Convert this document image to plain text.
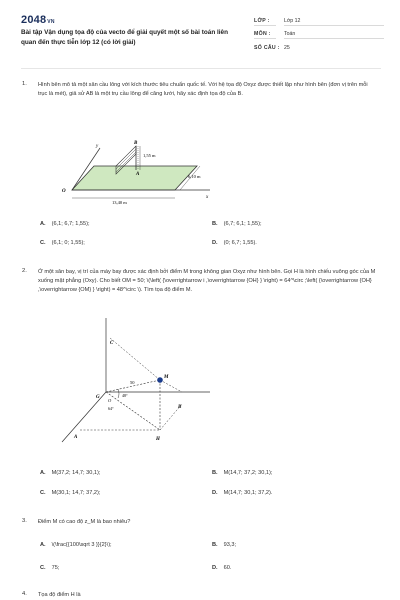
2048VN
Bài tập Vận dụng tọa độ của vecto để giải quyết một số bài toán liên quan đến thực tiễn lớp 12 (có lời giải)
LỚP :	Lớp 12
MÔN :	Toán
SỐ CÂU : 25
1. Hình bên mô tả một sân cầu lông với kích thước tiêu chuẩn quốc tế. Với hệ tọa độ Oxyz được thiết lập như hình bên (đơn vị trên mỗi trục là mét), giả sử AB là một trụ cầu lông để căng lưới, hãy xác định tọa độ của B.
y
B
1,55 m
A	6,10 m
O
x
13,40 m
A. (6,1; 6,7; 1,55);	B. (6,7; 6,1; 1,55);
C. (6,1; 0; 1,55);	D. (0; 6,7; 1,55).
2. Ở một sân bay, vị trí của máy bay được xác định bởi điểm M trong không gian Oxyz như hình bên. Gọi H là hình chiếu vuông góc của M xuống mặt phẳng (Oxy). Cho biết OM = 50; \(\left( {\overrightarrow i ,\overrightarrow {OH} } \right) = 64^\circ ;\left( {\overrightarrow {OH} ,\overrightarrow {OM} } \right) = 48^\circ \). Tìm tọa độ điểm M.
C
M
G
O
B
A	H
50
48°
64°
A. M(37,2; 14,7; 30,1);	B. M(14,7; 37,2; 30,1);
C. M(30,1; 14,7; 37,2);	D. M(14,7; 30,1; 37,2).
3. Điểm M có cao độ z_M là bao nhiêu?
A. \(\frac{{100\sqrt 3 }}{2}\);	B. 93,3;
C. 75;	D. 60.
4. Tọa độ điểm H là
